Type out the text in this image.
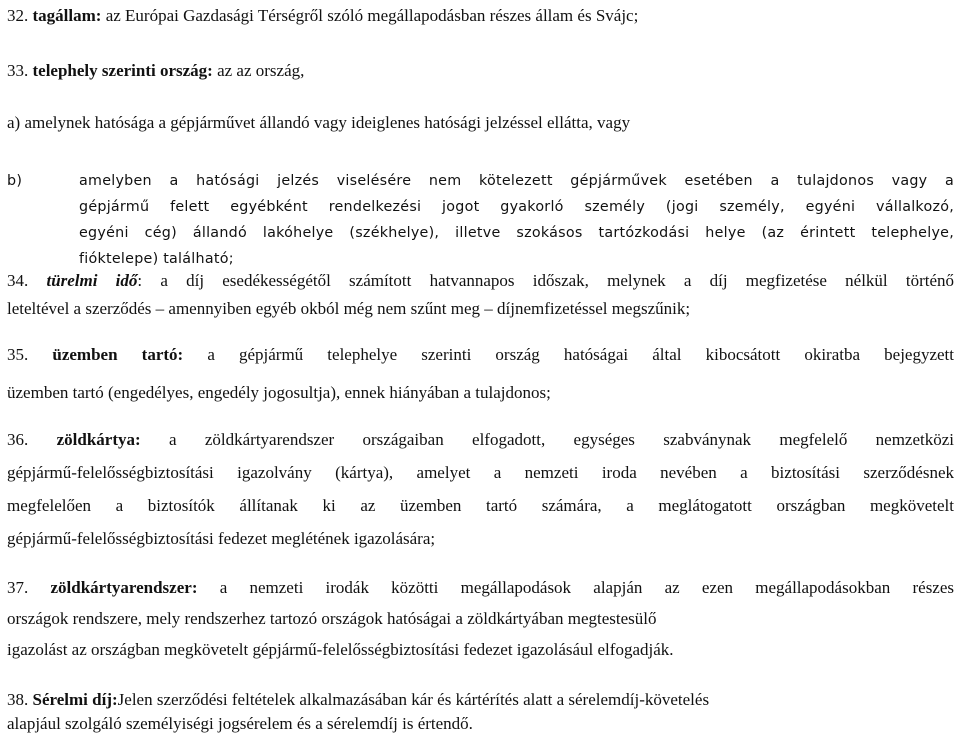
32. tagállam: az Európai Gazdasági Térségről szóló megállapodásban részes állam és Svájc;
33. telephely szerinti ország: az az ország,
a) amelynek hatósága a gépjárművet állandó vagy ideiglenes hatósági jelzéssel ellátta, vagy
b)	amelyben a hatósági jelzés viselésére nem kötelezett gépjárművek esetében a tulajdonos vagy a
gépjármű felett egyébként rendelkezési jogot gyakorló személy (jogi személy, egyéni vállalkozó,
egyéni cég) állandó lakóhelye (székhelye), illetve szokásos tartózkodási helye (az érintett telephelye,
fióktelepe) található;
34. türelmi idő: a díj esedékességétől számított hatvannapos időszak, melynek a díj megfizetése nélkül történő
leteltével a szerződés – amennyiben egyéb okból még nem szűnt meg – díjnemfizetéssel megszűnik;
35. üzemben tartó: a gépjármű telephelye szerinti ország hatóságai által kibocsátott okiratba bejegyzett
üzemben tartó (engedélyes, engedély jogosultja), ennek hiányában a tulajdonos;
36. zöldkártya: a zöldkártyarendszer országaiban elfogadott, egységes szabványnak megfelelő nemzetközi
gépjármű-felelősségbiztosítási igazolvány (kártya), amelyet a nemzeti iroda nevében a biztosítási szerződésnek
megfelelően a biztosítók állítanak ki az üzemben tartó számára, a meglátogatott országban megkövetelt
gépjármű-felelősségbiztosítási fedezet meglétének igazolására;
37. zöldkártyarendszer: a nemzeti irodák közötti megállapodások alapján az ezen megállapodásokban részes
országok rendszere, mely rendszerhez tartozó országok hatóságai a zöldkártyában megtestesülő
igazolást az országban megkövetelt gépjármű-felelősségbiztosítási fedezet igazolásául elfogadják.
38. Sérelmi díj:Jelen szerződési feltételek alkalmazásában kár és kártérítés alatt a sérelemdíj-követelés
alapjául szolgáló személyiségi jogsérelem és a sérelemdíj is értendő.
